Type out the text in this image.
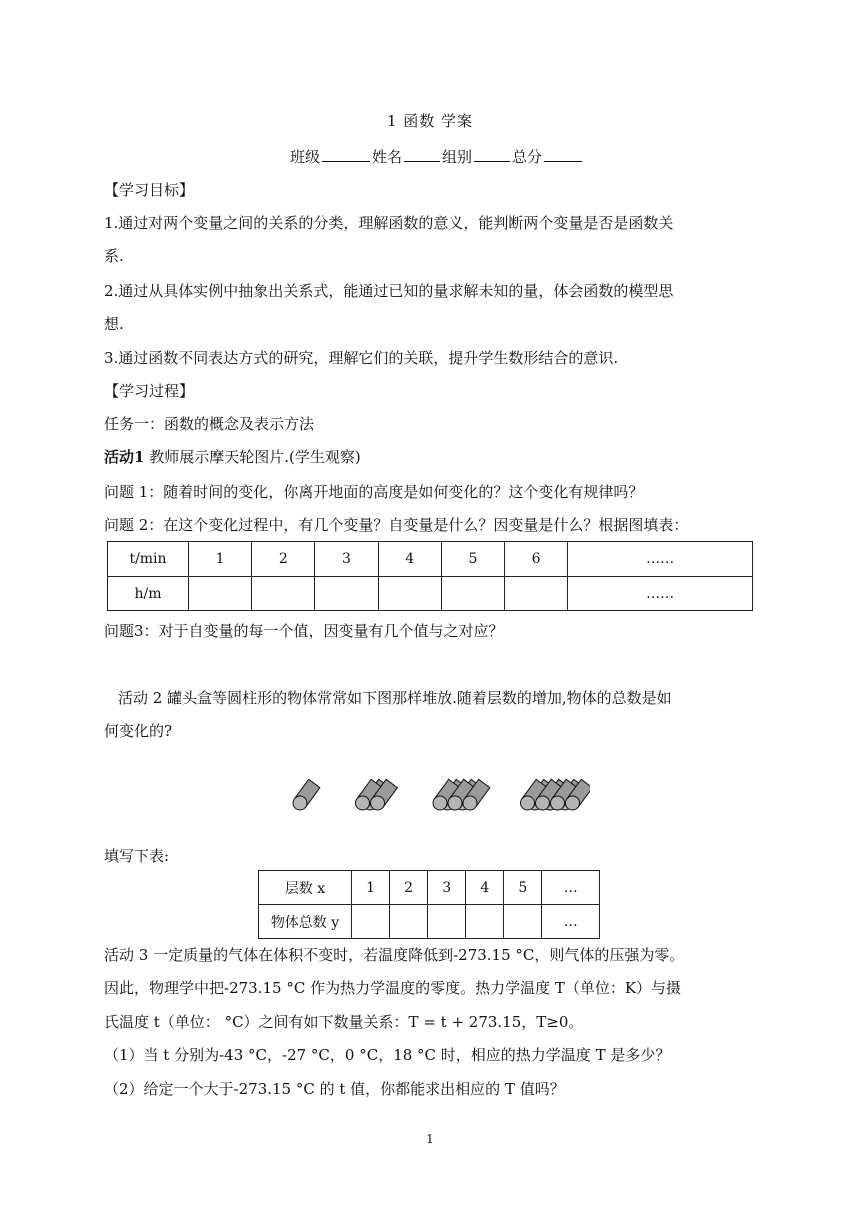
1 函数 学案
班级	姓名	组别	总分
【学习目标】
1.通过对两个变量之间的关系的分类，理解函数的意义，能判断两个变量是否是函数关
系.
2.通过从具体实例中抽象出关系式，能通过已知的量求解未知的量，体会函数的模型思
想.
3.通过函数不同表达方式的研究，理解它们的关联，提升学生数形结合的意识.
【学习过程】
任务一：函数的概念及表示方法
活动1 教师展示摩天轮图片.(学生观察)
问题 1：随着时间的变化，你离开地面的高度是如何变化的？这个变化有规律吗？
问题 2：在这个变化过程中，有几个变量？自变量是什么？因变量是什么？根据图填表：
t/min	1	2	3	4	5	6	……
h/m							……
问题3：对于自变量的每一个值，因变量有几个值与之对应？
活动 2 罐头盒等圆柱形的物体常常如下图那样堆放.随着层数的增加,物体的总数是如
何变化的?
填写下表:
层数 x	1	2	3	4	5	…
物体总数 y						…
活动 3 一定质量的气体在体积不变时，若温度降低到-273.15 °C，则气体的压强为零。
因此，物理学中把-273.15 °C 作为热力学温度的零度。热力学温度 T（单位：K）与摄
氏温度 t（单位： °C）之间有如下数量关系：T = t + 273.15，T≥0。
（1）当 t 分别为-43 °C，-27 °C，0 °C，18 °C 时，相应的热力学温度 T 是多少？
（2）给定一个大于-273.15 °C 的 t 值，你都能求出相应的 T 值吗？
1
